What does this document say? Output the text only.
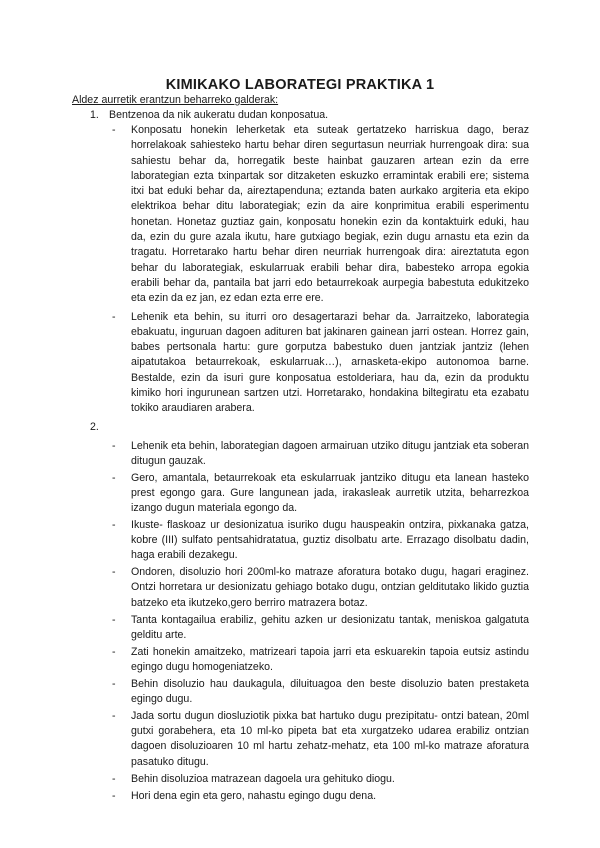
KIMIKAKO LABORATEGI PRAKTIKA 1

Aldez aurretik erantzun beharreko galderak:

1. Bentzenoa da nik aukeratu dudan konposatua.
- Konposatu honekin leherketak eta suteak gertatzeko harriskua dago, beraz horrelakoak sahiesteko hartu behar diren segurtasun neurriak hurrengoak dira: sua sahiestu behar da, horregatik beste hainbat gauzaren artean ezin da erre laborategian ezta txinpartak sor ditzaketen eskuzko erramintak erabili ere; sistema itxi bat eduki behar da, aireztapenduna; eztanda baten aurkako argiteria eta ekipo elektrikoa behar ditu laborategiak; ezin da aire konprimitua erabili esperimentu honetan. Honetaz guztiaz gain, konposatu honekin ezin da kontaktuirk eduki, hau da, ezin du gure azala ikutu, hare gutxiago begiak, ezin dugu arnastu eta ezin da tragatu. Horretarako hartu behar diren neurriak hurrengoak dira: aireztatuta egon behar du laborategiak, eskularruak erabili behar dira, babesteko arropa egokia erabili behar da, pantaila bat jarri edo betaurrekoak aurpegia babestuta edukitzeko eta ezin da ez jan, ez edan ezta erre ere.
- Lehenik eta behin, su iturri oro desagertarazi behar da. Jarraitzeko, laborategia ebakuatu, inguruan dagoen adituren bat jakinaren gainean jarri ostean. Horrez gain, babes pertsonala hartu: gure gorputza babestuko duen jantziak jantziz (lehen aipatutakoa betaurrekoak, eskularruak…), arnasketa-ekipo autonomoa barne. Bestalde, ezin da isuri gure konposatua estolderiara, hau da, ezin da produktu kimiko hori ingurunean sartzen utzi. Horretarako, hondakina biltegiratu eta ezabatu tokiko araudiaren arabera.
2.
- Lehenik eta behin, laborategian dagoen armairuan utziko ditugu jantziak eta soberan ditugun gauzak.
- Gero, amantala, betaurrekoak eta eskularruak jantziko ditugu eta lanean hasteko prest egongo gara. Gure langunean jada, irakasleak aurretik utzita, beharrezkoa izango dugun materiala egongo da.
- Ikuste- flaskoaz ur desionizatua isuriko dugu hauspeakin ontzira, pixkanaka gatza, kobre (III) sulfato pentsahidratatua, guztiz disolbatu arte. Errazago disolbatu dadin, haga erabili dezakegu.
- Ondoren, disoluzio hori 200ml-ko matraze aforatura botako dugu, hagari eraginez. Ontzi horretara ur desionizatu gehiago botako dugu, ontzian gelditutako likido guztia batzeko eta ikutzeko,gero berriro matrazera botaz.
- Tanta kontagailua erabiliz, gehitu azken ur desionizatu tantak, meniskoa galgatuta gelditu arte.
- Zati honekin amaitzeko, matrizeari tapoia jarri eta eskuarekin tapoia eutsiz astindu egingo dugu homogeniatzeko.
- Behin disoluzio hau daukagula, diluituagoa den beste disoluzio baten prestaketa egingo dugu.
- Jada sortu dugun diosluziotik pixka bat hartuko dugu prezipitatu- ontzi batean, 20ml gutxi gorabehera, eta 10 ml-ko pipeta bat eta xurgatzeko udarea erabiliz ontzian dagoen disoluzioaren 10 ml hartu zehatz-mehatz, eta 100 ml-ko matraze aforatura pasatuko ditugu.
- Behin disoluzioa matrazean dagoela ura gehituko diogu.
- Hori dena egin eta gero, nahastu egingo dugu dena.
